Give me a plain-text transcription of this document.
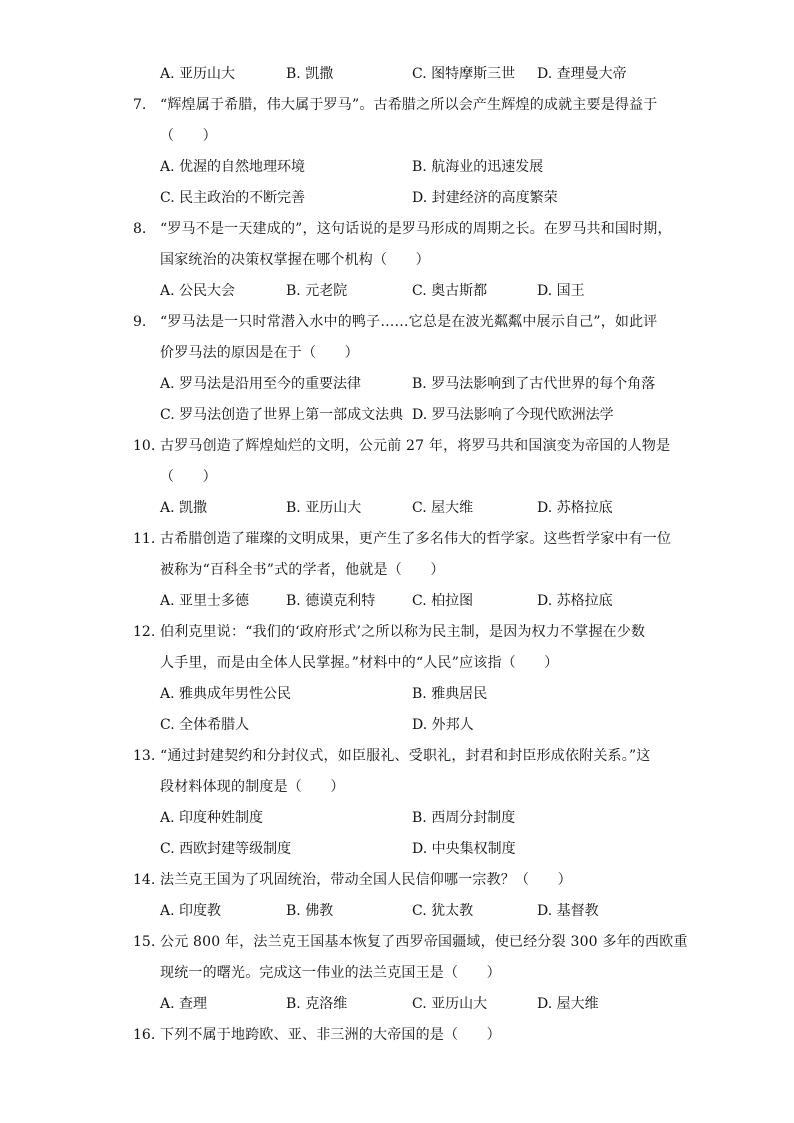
A. 亚历山大	B. 凯撒	C. 图特摩斯三世 D. 查理曼大帝
7. “辉煌属于希腊，伟大属于罗马”。古希腊之所以会产生辉煌的成就主要是得益于
（　　）
A. 优渥的自然地理环境	B. 航海业的迅速发展
C. 民主政治的不断完善	D. 封建经济的高度繁荣
8. “罗马不是一天建成的”，这句话说的是罗马形成的周期之长。在罗马共和国时期，
国家统治的决策权掌握在哪个机构（　　）
A. 公民大会	B. 元老院	C. 奥古斯都	D. 国王
9. “罗马法是一只时常潜入水中的鸭子……它总是在波光粼粼中展示自己”，如此评
价罗马法的原因是在于（　　）
A. 罗马法是沿用至今的重要法律	B. 罗马法影响到了古代世界的每个角落
C. 罗马法创造了世界上第一部成文法典 D. 罗马法影响了今现代欧洲法学
10. 古罗马创造了辉煌灿烂的文明，公元前 27 年，将罗马共和国演变为帝国的人物是
（　　）
A. 凯撒	B. 亚历山大	C. 屋大维	D. 苏格拉底
11. 古希腊创造了璀璨的文明成果，更产生了多名伟大的哲学家。这些哲学家中有一位
被称为“百科全书”式的学者，他就是（　　）
A. 亚里士多德	B. 德谟克利特	C. 柏拉图	D. 苏格拉底
12. 伯利克里说：“我们的‘政府形式’之所以称为民主制，是因为权力不掌握在少数
人手里，而是由全体人民掌握。”材料中的“人民”应该指（　　）
A. 雅典成年男性公民	B. 雅典居民
C. 全体希腊人	D. 外邦人
13. “通过封建契约和分封仪式，如臣服礼、受职礼，封君和封臣形成依附关系。”这
段材料体现的制度是（　　）
A. 印度种姓制度	B. 西周分封制度
C. 西欧封建等级制度	D. 中央集权制度
14. 法兰克王国为了巩固统治，带动全国人民信仰哪一宗教？（　　）
A. 印度教	B. 佛教	C. 犹太教	D. 基督教
15. 公元 800 年，法兰克王国基本恢复了西罗帝国疆域，使已经分裂 300 多年的西欧重
现统一的曙光。完成这一伟业的法兰克国王是（　　）
A. 查理	B. 克洛维	C. 亚历山大	D. 屋大维
16. 下列不属于地跨欧、亚、非三洲的大帝国的是（　　）
